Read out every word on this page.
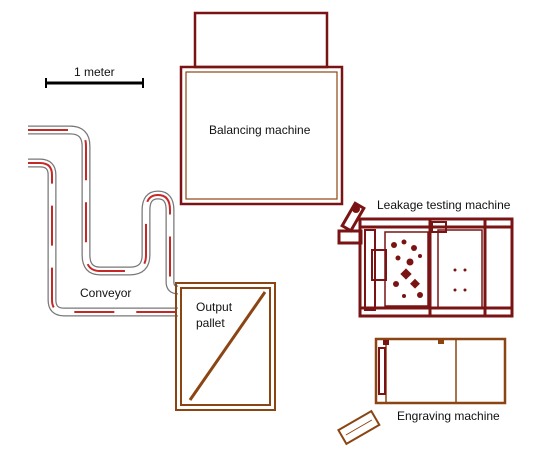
1 meter
Balancing machine
Conveyor
Output
pallet
Leakage testing machine
Engraving machine
